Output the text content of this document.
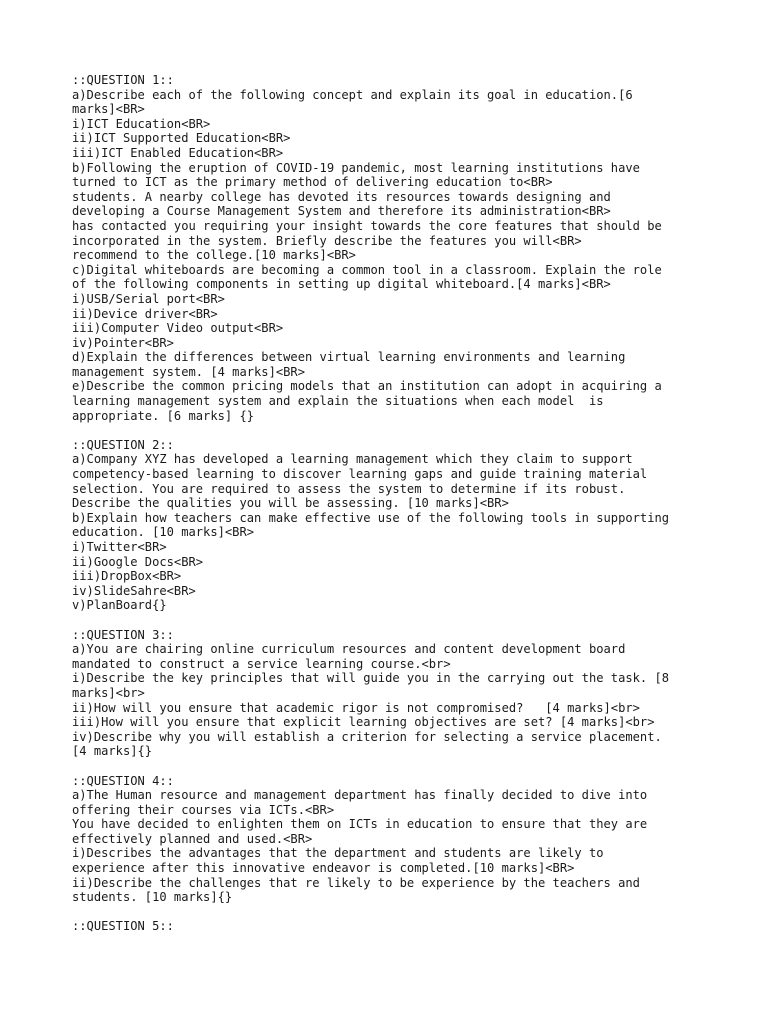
::QUESTION 1::
a)Describe each of the following concept and explain its goal in education.[6
marks]<BR>
i)ICT Education<BR>
ii)ICT Supported Education<BR>
iii)ICT Enabled Education<BR>
b)Following the eruption of COVID-19 pandemic, most learning institutions have
turned to ICT as the primary method of delivering education to<BR>
students. A nearby college has devoted its resources towards designing and
developing a Course Management System and therefore its administration<BR>
has contacted you requiring your insight towards the core features that should be
incorporated in the system. Briefly describe the features you will<BR>
recommend to the college.[10 marks]<BR>
c)Digital whiteboards are becoming a common tool in a classroom. Explain the role
of the following components in setting up digital whiteboard.[4 marks]<BR>
i)USB/Serial port<BR>
ii)Device driver<BR>
iii)Computer Video output<BR>
iv)Pointer<BR>
d)Explain the differences between virtual learning environments and learning
management system. [4 marks]<BR>
e)Describe the common pricing models that an institution can adopt in acquiring a
learning management system and explain the situations when each model  is
appropriate. [6 marks] {}
::QUESTION 2::
a)Company XYZ has developed a learning management which they claim to support
competency-based learning to discover learning gaps and guide training material
selection. You are required to assess the system to determine if its robust.
Describe the qualities you will be assessing. [10 marks]<BR>
b)Explain how teachers can make effective use of the following tools in supporting
education. [10 marks]<BR>
i)Twitter<BR>
ii)Google Docs<BR>
iii)DropBox<BR>
iv)SlideSahre<BR>
v)PlanBoard{}
::QUESTION 3::
a)You are chairing online curriculum resources and content development board
mandated to construct a service learning course.<br>
i)Describe the key principles that will guide you in the carrying out the task. [8
marks]<br>
ii)How will you ensure that academic rigor is not compromised?   [4 marks]<br>
iii)How will you ensure that explicit learning objectives are set? [4 marks]<br>
iv)Describe why you will establish a criterion for selecting a service placement.
[4 marks]{}
::QUESTION 4::
a)The Human resource and management department has finally decided to dive into
offering their courses via ICTs.<BR>
You have decided to enlighten them on ICTs in education to ensure that they are
effectively planned and used.<BR>
i)Describes the advantages that the department and students are likely to
experience after this innovative endeavor is completed.[10 marks]<BR>
ii)Describe the challenges that re likely to be experience by the teachers and
students. [10 marks]{}
::QUESTION 5::
